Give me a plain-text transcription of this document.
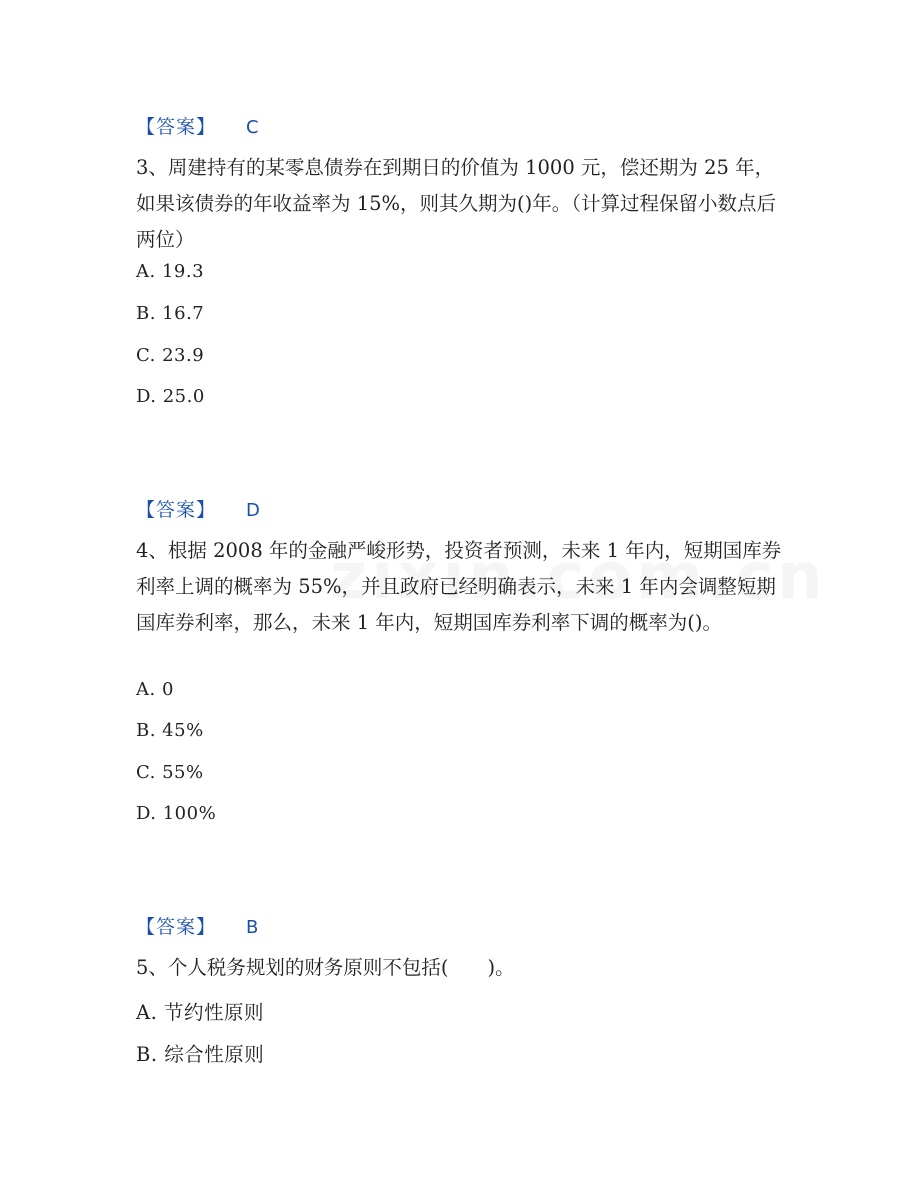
【答案】 C
3、周建持有的某零息债券在到期日的价值为 1000 元，偿还期为 25 年，如果该债券的年收益率为 15%，则其久期为()年。（计算过程保留小数点后两位）
A. 19.3
B. 16.7
C. 23.9
D. 25.0
【答案】 D
4、根据 2008 年的金融严峻形势，投资者预测，未来 1 年内，短期国库券利率上调的概率为 55%，并且政府已经明确表示，未来 1 年内会调整短期国库券利率，那么，未来 1 年内，短期国库券利率下调的概率为()。
A. 0
B. 45%
C. 55%
D. 100%
【答案】 B
5、个人税务规划的财务原则不包括(　　)。
A. 节约性原则
B. 综合性原则
